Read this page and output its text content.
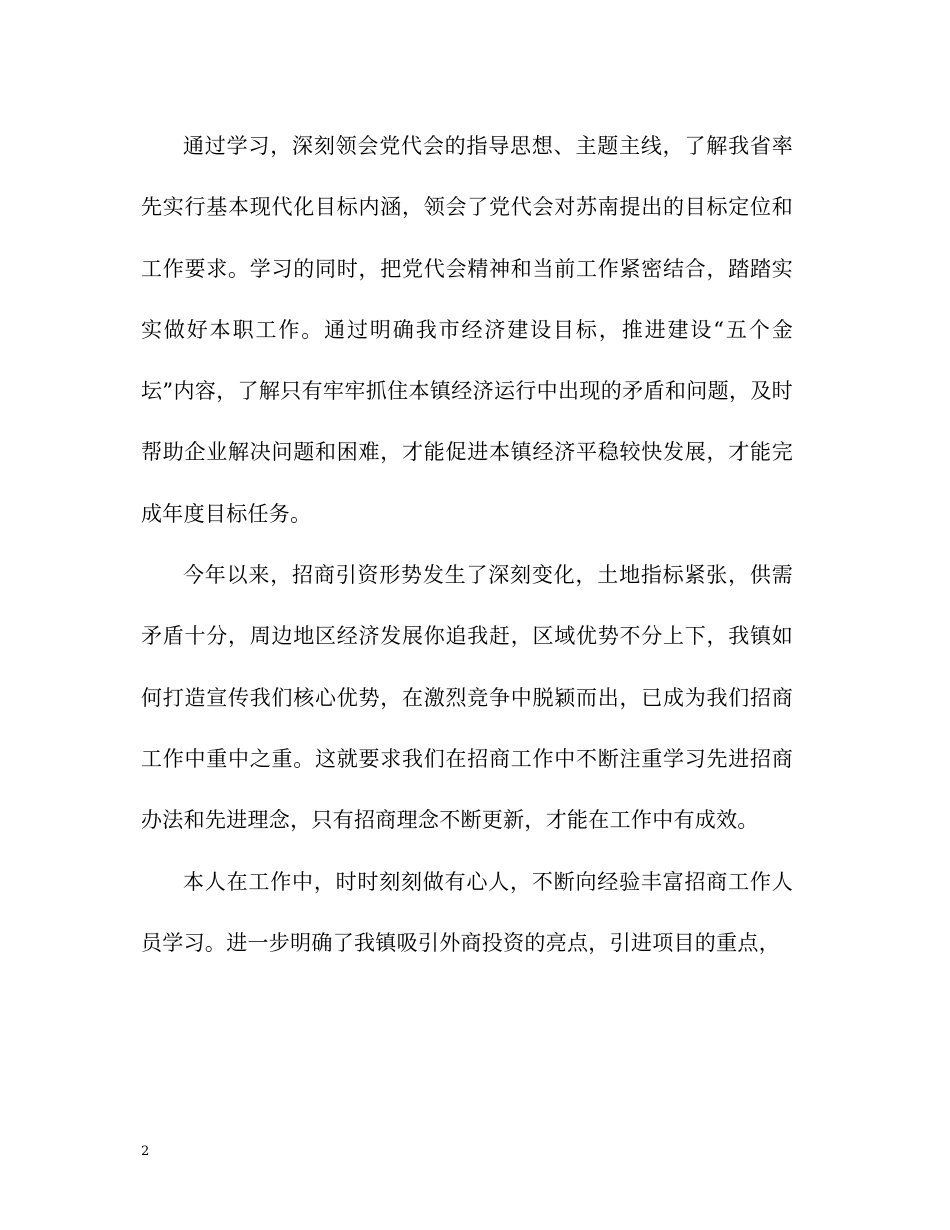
通过学习，深刻领会党代会的指导思想、主题主线，了解我省率先实行基本现代化目标内涵，领会了党代会对苏南提出的目标定位和工作要求。学习的同时，把党代会精神和当前工作紧密结合，踏踏实实做好本职工作。通过明确我市经济建设目标，推进建设“五个金坛”内容，了解只有牢牢抓住本镇经济运行中出现的矛盾和问题，及时帮助企业解决问题和困难，才能促进本镇经济平稳较快发展，才能完成年度目标任务。

今年以来，招商引资形势发生了深刻变化，土地指标紧张，供需矛盾十分，周边地区经济发展你追我赶，区域优势不分上下，我镇如何打造宣传我们核心优势，在激烈竞争中脱颖而出，已成为我们招商工作中重中之重。这就要求我们在招商工作中不断注重学习先进招商办法和先进理念，只有招商理念不断更新，才能在工作中有成效。

本人在工作中，时时刻刻做有心人，不断向经验丰富招商工作人员学习。进一步明确了我镇吸引外商投资的亮点，引进项目的重点，

2
